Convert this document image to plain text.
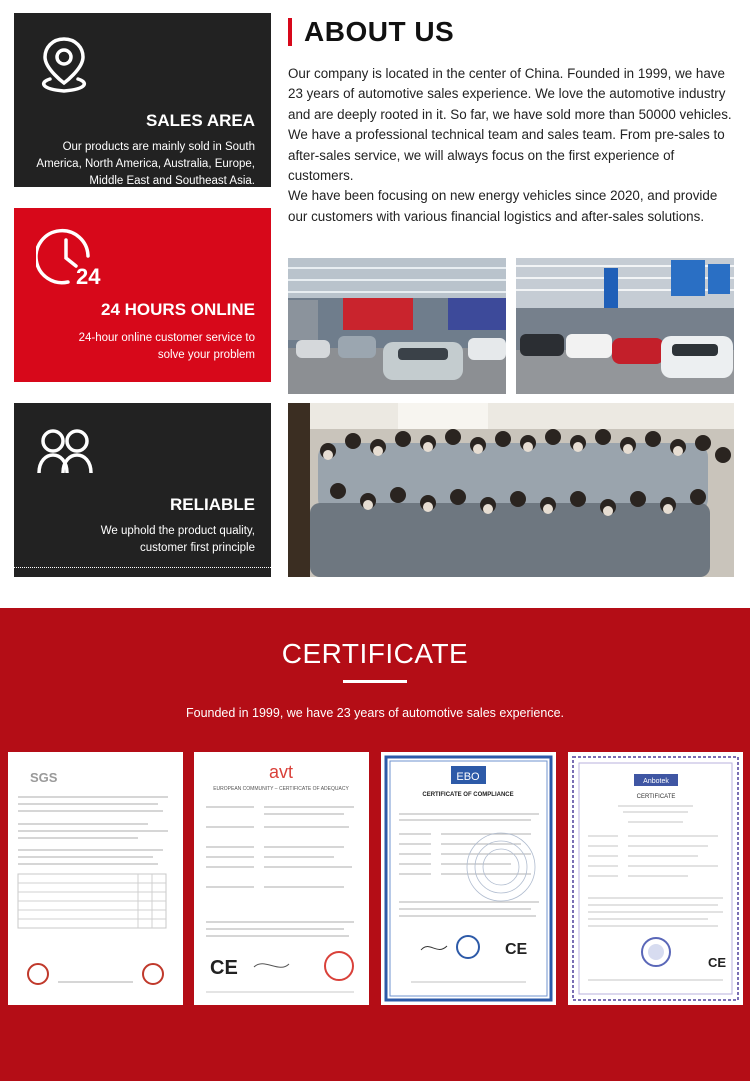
SALES AREA
Our products are mainly sold in South America, North America, Australia, Europe, Middle East and Southeast Asia.
24
24 HOURS ONLINE
24-hour online customer service to solve your problem
RELIABLE
We uphold the product quality, customer first principle
ABOUT US

Our company is located in the center of China. Founded in 1999, we have 23 years of automotive sales experience. We love the automotive industry and are deeply rooted in it. So far, we have sold more than 50000 vehicles. We have a professional technical team and sales team. From pre-sales to after-sales service, we will always focus on the first experience of customers.

We have been focusing on new energy vehicles since 2020, and provide our customers with various financial logistics and after-sales solutions.

CERTIFICATE
Founded in 1999, we have 23 years of automotive sales experience.
SGS	avt
EUROPEAN COMMUNITY – CERTIFICATE OF ADEQUACY
CE
EBO
CERTIFICATE OF COMPLIANCE
CE
Anbotek
CERTIFICATE
CE
